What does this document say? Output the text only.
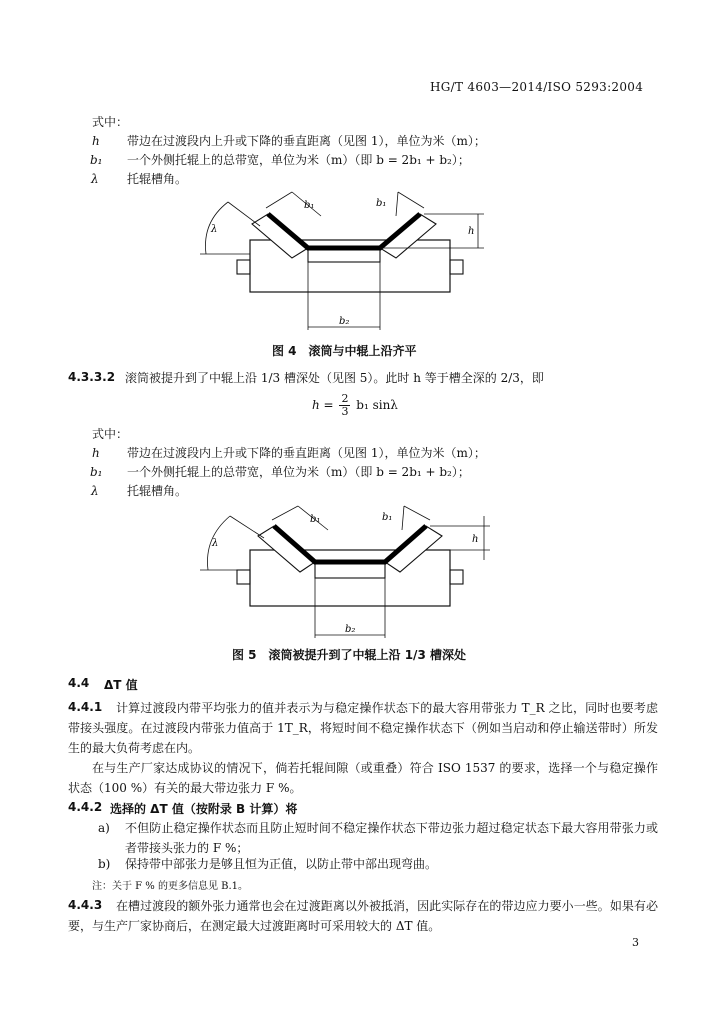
HG/T 4603—2014/ISO 5293:2004
式中：
h 带边在过渡段内上升或下降的垂直距离（见图 1），单位为米（m）；
b₁ 一个外侧托辊上的总带宽，单位为米（m）（即 b = 2b₁ + b₂）；
λ 托辊槽角。
b₁	b₁
h
λ
b₂
图 4　滚筒与中辊上沿齐平
4.3.3.2 滚筒被提升到了中辊上沿 1/3 槽深处（见图 5）。此时 h 等于槽全深的 2/3，即
$h = \frac{2}{3} b_1$ sinλ
式中：
h 带边在过渡段内上升或下降的垂直距离（见图 1），单位为米（m）；
b₁ 一个外侧托辊上的总带宽，单位为米（m）（即 b = 2b₁ + b₂）；
λ 托辊槽角。
b₁	b₁
h
λ
b₂
图 5　滚筒被提升到了中辊上沿 1/3 槽深处
4.4 ΔT 值
4.4.1	计算过渡段内带平均张力的值并表示为与稳定操作状态下的最大容用带张力 T_R 之比，同时也要考虑带接头强度。在过渡段内带张力值高于 1T_R，将短时间不稳定操作状态下（例如当启动和停止输送带时）所发生的最大负荷考虑在内。
在与生产厂家达成协议的情况下，倘若托辊间隙（或重叠）符合 ISO 1537 的要求，选择一个与稳定操作状态（100 %）有关的最大带边张力 F %。
4.4.2 选择的 ΔT 值（按附录 B 计算）将
a) 不但防止稳定操作状态而且防止短时间不稳定操作状态下带边张力超过稳定状态下最大容用带张力或者带接头张力的 F %；
b) 保持带中部张力是够且恒为正值，以防止带中部出现弯曲。
注：关于 F % 的更多信息见 B.1。
4.4.3	在槽过渡段的额外张力通常也会在过渡距离以外被抵消，因此实际存在的带边应力要小一些。如果有必要，与生产厂家协商后，在测定最大过渡距离时可采用较大的 ΔT 值。
3
